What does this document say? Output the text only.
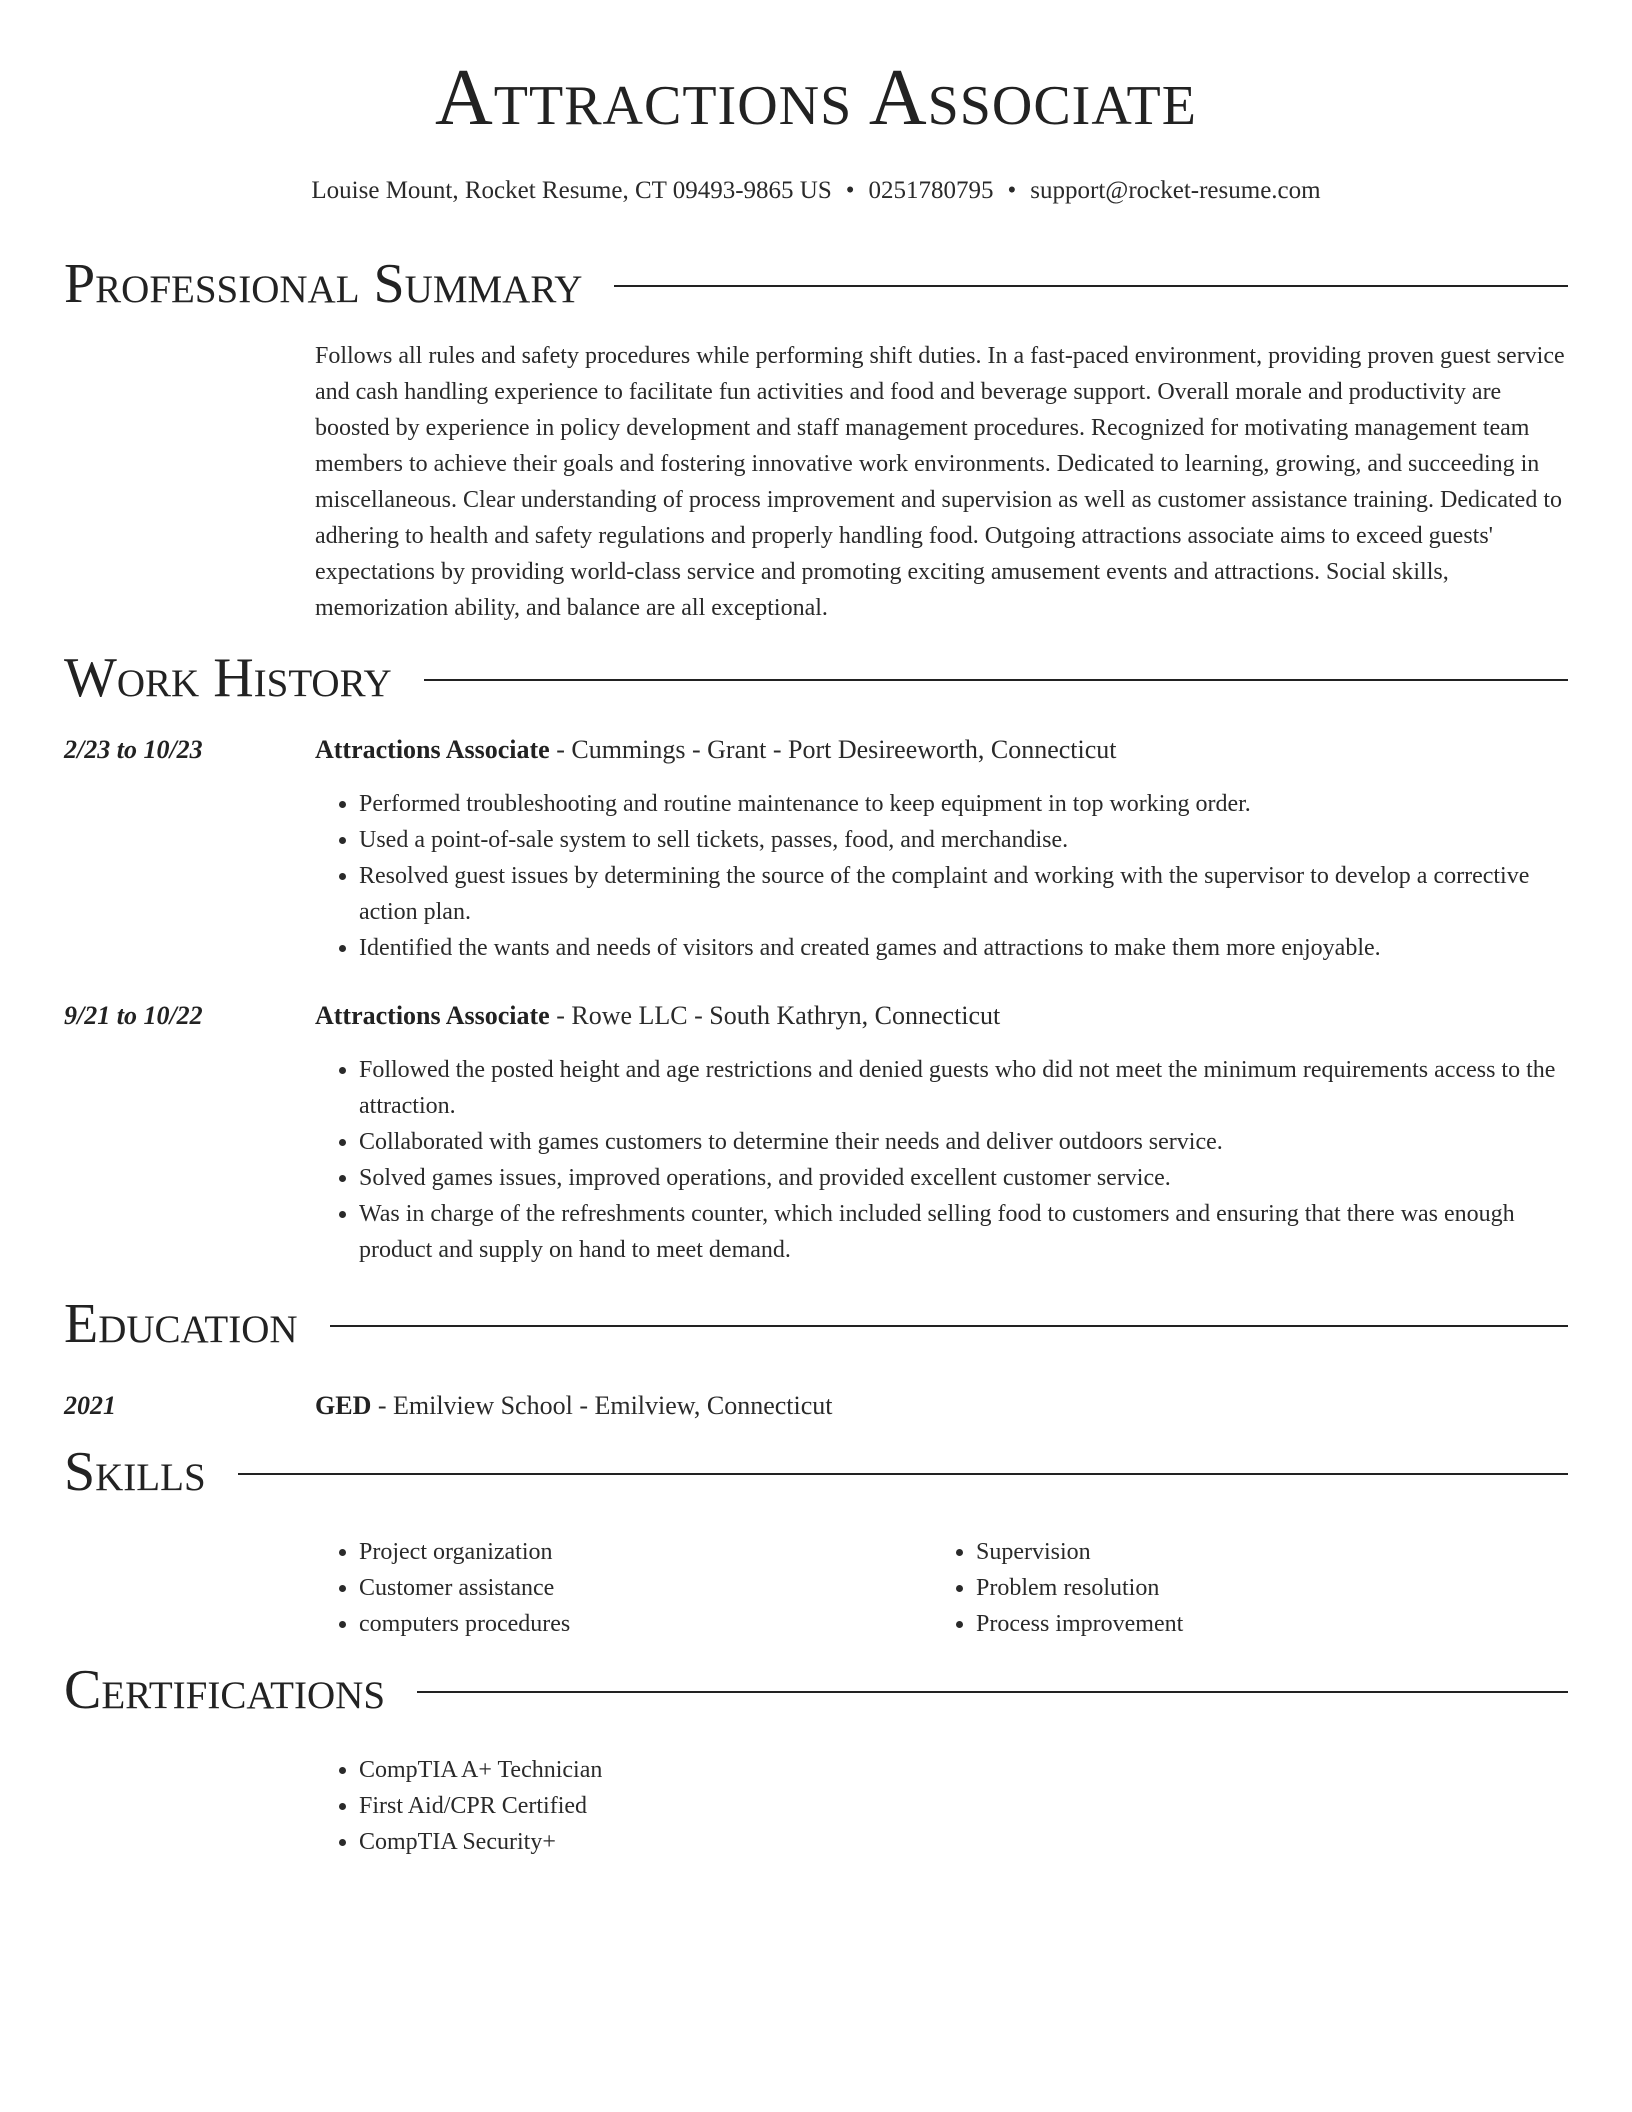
Attractions Associate
Louise Mount, Rocket Resume, CT 09493-9865 US • 0251780795 • support@rocket-resume.com
Professional Summary
Follows all rules and safety procedures while performing shift duties. In a fast-paced environment, providing proven guest service and cash handling experience to facilitate fun activities and food and beverage support. Overall morale and productivity are boosted by experience in policy development and staff management procedures. Recognized for motivating management team members to achieve their goals and fostering innovative work environments. Dedicated to learning, growing, and succeeding in miscellaneous. Clear understanding of process improvement and supervision as well as customer assistance training. Dedicated to adhering to health and safety regulations and properly handling food. Outgoing attractions associate aims to exceed guests' expectations by providing world-class service and promoting exciting amusement events and attractions. Social skills, memorization ability, and balance are all exceptional.
Work History
2/23 to 10/23	Attractions Associate - Cummings - Grant - Port Desireeworth, Connecticut
• Performed troubleshooting and routine maintenance to keep equipment in top working order.
• Used a point-of-sale system to sell tickets, passes, food, and merchandise.
• Resolved guest issues by determining the source of the complaint and working with the supervisor to develop a corrective action plan.
• Identified the wants and needs of visitors and created games and attractions to make them more enjoyable.
9/21 to 10/22	Attractions Associate - Rowe LLC - South Kathryn, Connecticut
• Followed the posted height and age restrictions and denied guests who did not meet the minimum requirements access to the attraction.
• Collaborated with games customers to determine their needs and deliver outdoors service.
• Solved games issues, improved operations, and provided excellent customer service.
• Was in charge of the refreshments counter, which included selling food to customers and ensuring that there was enough product and supply on hand to meet demand.
Education
2021	GED - Emilview School - Emilview, Connecticut
Skills
• Project organization
• Customer assistance
• computers procedures
• Supervision
• Problem resolution
• Process improvement
Certifications
• CompTIA A+ Technician
• First Aid/CPR Certified
• CompTIA Security+
